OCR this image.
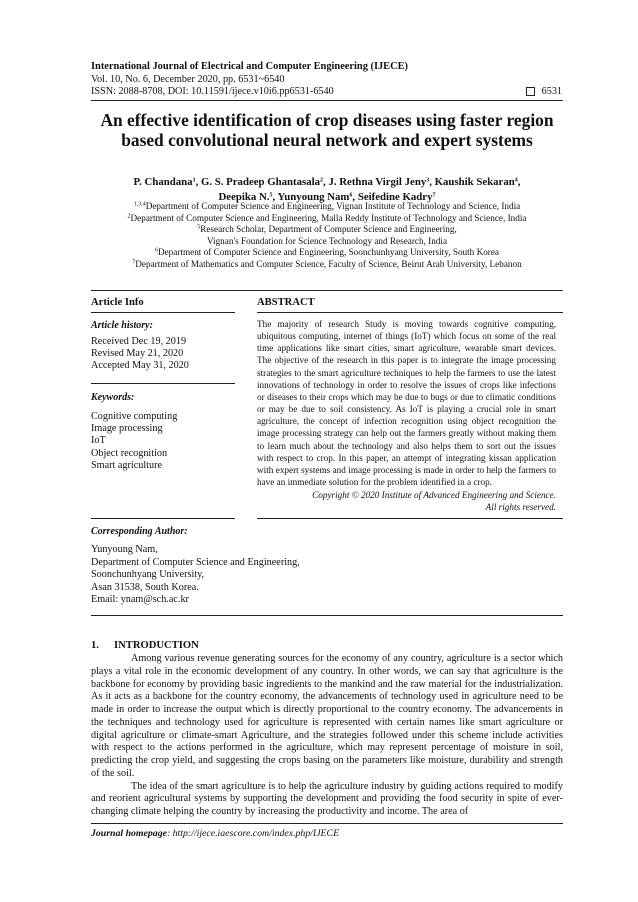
International Journal of Electrical and Computer Engineering (IJECE)
Vol. 10, No. 6, December 2020, pp. 6531~6540
ISSN: 2088-8708, DOI: 10.11591/ijece.v10i6.pp6531-6540	6531
An effective identification of crop diseases using faster region
based convolutional neural network and expert systems
P. Chandana$^1$, G. S. Pradeep Ghantasala$^2$, J. Rethna Virgil Jeny$^3$, Kaushik Sekaran$^4$,
Deepika N.$^5$, Yunyoung Nam$^6$, Seifedine Kadry$^7$
$^{1,3,4}$Department of Computer Science and Engineering, Vignan Institute of Technology and Science, India
$^2$Department of Computer Science and Engineering, Malla Reddy Institute of Technology and Science, India
$^5$Research Scholar, Department of Computer Science and Engineering,
Vignan's Foundation for Science Technology and Research, India
$^6$Department of Computer Science and Engineering, Soonchunhyang University, South Korea
$^7$Department of Mathematics and Computer Science, Faculty of Science, Beirut Arab University, Lebanon
Article Info	ABSTRACT
Article history:
Received Dec 19, 2019
Revised May 21, 2020
Accepted May 31, 2020
Keywords:
Cognitive computing
Image processing
IoT
Object recognition
Smart agriculture
The majority of research Study is moving towards cognitive computing, ubiquitous computing, internet of things (IoT) which focus on some of the real time applications like smart cities, smart agriculture, wearable smart devices. The objective of the research in this paper is to integrate the image processing strategies to the smart agriculture techniques to help the farmers to use the latest innovations of technology in order to resolve the issues of crops like infections or diseases to their crops which may be due to bugs or due to climatic conditions or may be due to soil consistency. As IoT is playing a crucial role in smart agriculture, the concept of infection recognition using object recognition the image processing strategy can help out the farmers greatly without making them to learn much about the technology and also helps them to sort out the issues with respect to crop. In this paper, an attempt of integrating kissan application with expert systems and image processing is made in order to help the farmers to have an immediate solution for the problem identified in a crop.
Copyright © 2020 Institute of Advanced Engineering and Science.
All rights reserved.
Corresponding Author:
Yunyoung Nam,
Department of Computer Science and Engineering,
Soonchunhyang University,
Asan 31538, South Korea.
Email: ynam@sch.ac.kr
1. INTRODUCTION

Among various revenue generating sources for the economy of any country, agriculture is a sector which plays a vital role in the economic development of any country. In other words, we can say that agriculture is the backbone for economy by providing basic ingredients to the mankind and the raw material for the industrialization. As it acts as a backbone for the country economy, the advancements of technology used in agriculture need to be made in order to increase the output which is directly proportional to the country economy. The advancements in the techniques and technology used for agriculture is represented with certain names like smart agriculture or digital agriculture or climate-smart Agriculture, and the strategies followed under this scheme include activities with respect to the actions performed in the agriculture, which may represent percentage of moisture in soil, predicting the crop yield, and suggesting the crops basing on the parameters like moisture, durability and strength of the soil.

The idea of the smart agriculture is to help the agriculture industry by guiding actions required to modify and reorient agricultural systems by supporting the development and providing the food security in spite of ever-changing climate helping the country by increasing the productivity and income. The area of

Journal homepage: http://ijece.iaescore.com/index.php/IJECE
